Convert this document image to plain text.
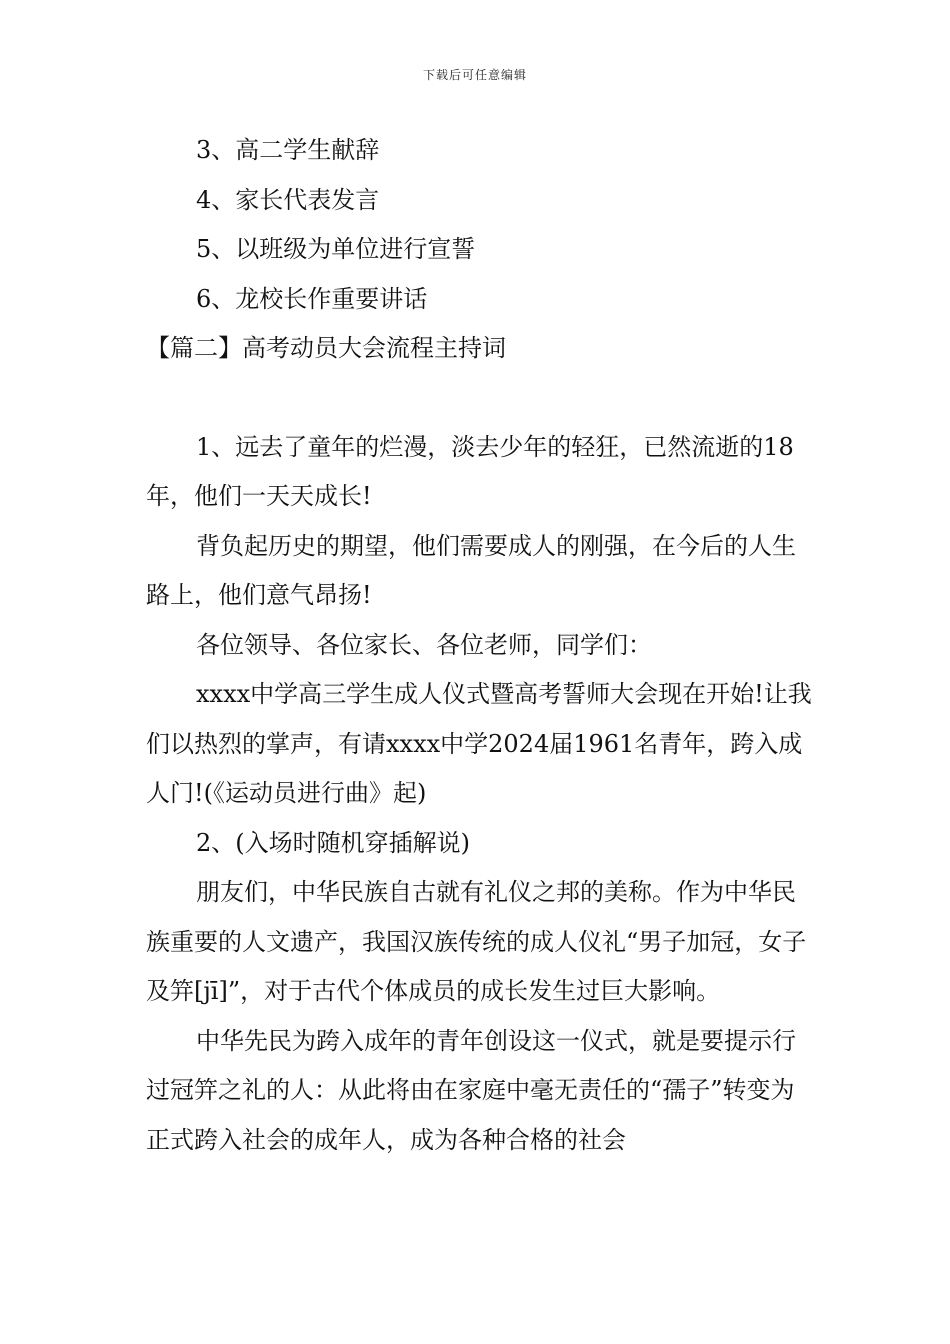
下载后可任意编辑

3、高二学生献辞

4、家长代表发言

5、以班级为单位进行宣誓

6、龙校长作重要讲话

【篇二】高考动员大会流程主持词

1、远去了童年的烂漫，淡去少年的轻狂，已然流逝的18年，他们一天天成长!

背负起历史的期望，他们需要成人的刚强，在今后的人生路上，他们意气昂扬!

各位领导、各位家长、各位老师，同学们：

xxxx中学高三学生成人仪式暨高考誓师大会现在开始!让我们以热烈的掌声，有请xxxx中学2024届1961名青年，跨入成人门!(《运动员进行曲》起)

2、(入场时随机穿插解说)

朋友们，中华民族自古就有礼仪之邦的美称。作为中华民族重要的人文遗产，我国汉族传统的成人仪礼“男子加冠，女子及笄[jī]”，对于古代个体成员的成长发生过巨大影响。

中华先民为跨入成年的青年创设这一仪式，就是要提示行过冠笄之礼的人：从此将由在家庭中毫无责任的“孺子”转变为正式跨入社会的成年人，成为各种合格的社会
